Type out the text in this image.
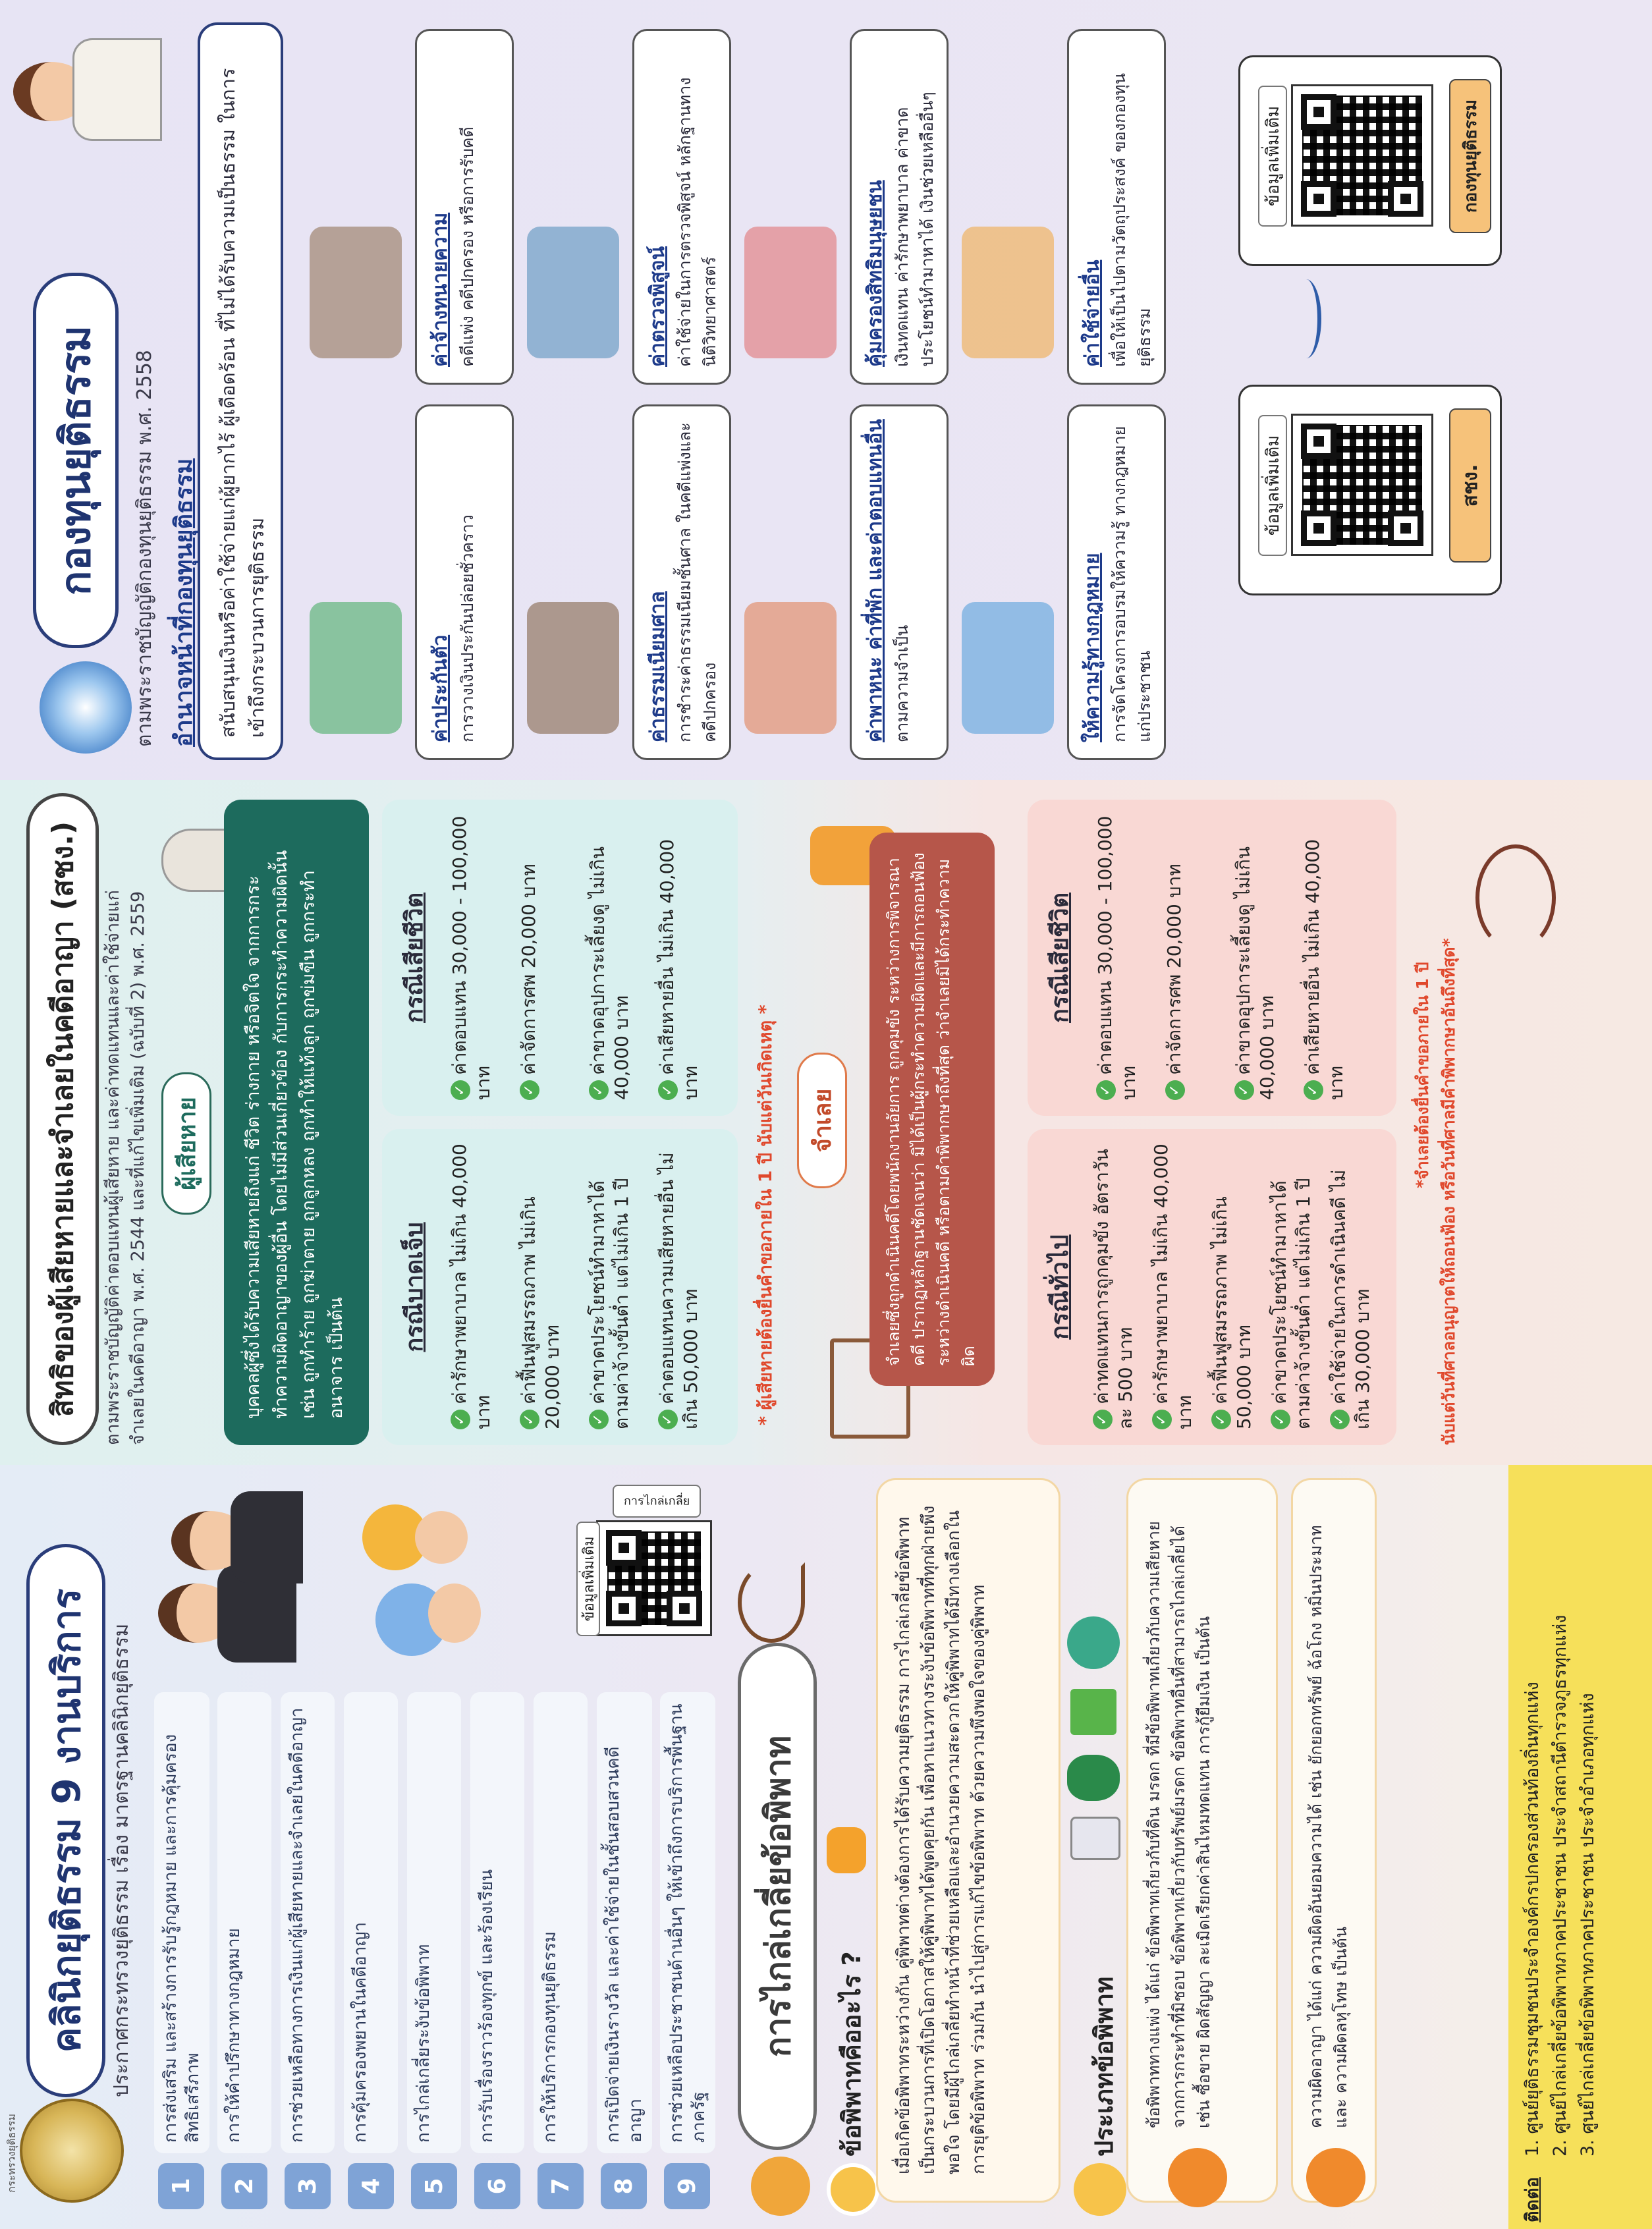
กระทรวงยุติธรรม
คลินิกยุติธรรม 9 งานบริการ	ประกาศกระทรวงยุติธรรม เรื่อง มาตรฐานคลินิกยุติธรรม
ข้อมูลเพิ่มเติม
การไกล่เกลี่ย
การไกล่เกลี่ยข้อพิพาท ข้อพิพาทคืออะไร ?	เมื่อเกิดข้อพิพาทระหว่างกัน คู่พิพาทต่างต้องการได้รับความยุติธรรม การไกล่เกลี่ยข้อพิพาทเป็นกระบวนการที่เปิดโอกาสให้คู่พิพาทได้พูดคุยกัน เพื่อหาแนวทางระงับข้อพิพาทที่ทุกฝ่ายพึงพอใจ โดยมีผู้ไกล่เกลี่ยทำหน้าที่ช่วยเหลือและอำนวยความสะดวกให้คู่พิพาทได้มีทางเลือกในการยุติข้อพิพาท ร่วมกัน นำไปสู่การแก้ไขข้อพิพาท ด้วยความพึงพอใจของคู่พิพาท	ประเภทข้อพิพาท	ข้อพิพาททางแพ่ง ได้แก่ ข้อพิพาทเกี่ยวกับที่ดิน มรดก ที่มีข้อพิพาทเกี่ยวกับความเสียหายจากการกระทำที่มิชอบ ข้อพิพาทเกี่ยวกับทรัพย์มรดก ข้อพิพาทอื่นที่สามารถไกล่เกลี่ยได้ เช่น ซื้อขาย ผิดสัญญา ละเมิดเรียกค่าสินไหมทดแทน การกู้ยืมเงิน เป็นต้น	ความผิดอาญา ได้แก่ ความผิดอันยอมความได้ เช่น ยักยอกทรัพย์ ฉ้อโกง หมิ่นประมาท และ ความผิดลหุโทษ เป็นต้น
ติดต่อ
1. ศูนย์ยุติธรรมชุมชนประจำองค์กรปกครองส่วนท้องถิ่นทุกแห่ง 2. ศูนย์ไกล่เกลี่ยข้อพิพาทภาคประชาชน ประจำสถานีตำรวจภูธรทุกแห่ง 3. ศูนย์ไกล่เกลี่ยข้อพิพาทภาคประชาชน ประจำอำเภอทุกแห่ง
1
การส่งเสริม และสร้างการรับรู้กฎหมาย และการคุ้มครองสิทธิเสรีภาพ
2
การให้คำปรึกษาทางกฎหมาย
3
การช่วยเหลือทางการเงินแก่ผู้เสียหายและจำเลยในคดีอาญา
4
การคุ้มครองพยานในคดีอาญา
5
การไกล่เกลี่ยระงับข้อพิพาท
6
การรับเรื่องราวร้องทุกข์ และร้องเรียน
7
การให้บริการกองทุนยุติธรรม
8
การเปิดจ่ายเงินรางวัล และค่าใช้จ่ายในชั้นสอบสวนคดีอาญา
9
การช่วยเหลือประชาชนด้านอื่นๆ ให้เข้าถึงการบริการพื้นฐานภาครัฐ
สิทธิของผู้เสียหายและจำเลยในคดีอาญา (สชง.)	ตามพระราชบัญญัติค่าตอบแทนผู้เสียหาย และค่าทดแทนและค่าใช้จ่ายแก่ จำเลยในคดีอาญา พ.ศ. 2544 และที่แก้ไขเพิ่มเติม (ฉบับที่ 2) พ.ศ. 2559	ผู้เสียหาย	บุคคลผู้ซึ่งได้รับความเสียหายถึงแก่ ชีวิต ร่างกาย หรือจิตใจ จากการกระทำความผิดอาญาของผู้อื่น โดยไม่มีส่วนเกี่ยวข้อง กับการกระทำความผิดนั้น เช่น ถูกทำร้าย ถูกฆ่าตาย ถูกลูกหลง ถูกทำให้แท้งลูก ถูกข่มขืน ถูกกระทำอนาจาร เป็นต้น
กรณีบาดเจ็บ
✓ค่ารักษาพยาบาล ไม่เกิน 40,000 บาท ✓ค่าฟื้นฟูสมรรถภาพ ไม่เกิน 20,000 บาท ✓ค่าขาดประโยชน์ทำมาหาได้ ตามค่าจ้างขั้นต่ำ แต่ไม่เกิน 1 ปี ✓ค่าตอบแทนความเสียหายอื่น ไม่เกิน 50,000 บาท
กรณีเสียชีวิต
✓ค่าตอบแทน 30,000 - 100,000 บาท ✓ค่าจัดการศพ 20,000 บาท
✓ค่าขาดอุปการะเลี้ยงดู ไม่เกิน 40,000 บาท ✓ค่าเสียหายอื่น ไม่เกิน 40,000 บาท	* ผู้เสียหายต้องยื่นคำขอภายใน 1 ปี นับแต่วันเกิดเหตุ *	จำเลย	จำเลยซึ่งถูกดำเนินคดีโดยพนักงานอัยการ ถูกคุมขัง ระหว่างการพิจารณาคดี ปรากฏหลักฐานชัดเจนว่า มิได้เป็นผู้กระทำความผิดและมีการถอนฟ้องระหว่างดำเนินคดี หรือตามคำพิพากษาถึงที่สุด ว่าจำเลยมิได้กระทำความผิด
กรณีทั่วไป
✓ค่าทดแทนการถูกคุมขัง อัตราวันละ 500 บาท ✓ค่ารักษาพยาบาล ไม่เกิน 40,000 บาท ✓ค่าฟื้นฟูสมรรถภาพ ไม่เกิน 50,000 บาท ✓ค่าขาดประโยชน์ทำมาหาได้ ตามค่าจ้างขั้นต่ำ แต่ไม่เกิน 1 ปี ✓ค่าใช้จ่ายในการดำเนินคดี ไม่เกิน 30,000 บาท
กรณีเสียชีวิต
✓ค่าตอบแทน 30,000 - 100,000 บาท ✓ค่าจัดการศพ 20,000 บาท
✓ค่าขาดอุปการะเลี้ยงดู ไม่เกิน 40,000 บาท ✓ค่าเสียหายอื่น ไม่เกิน 40,000 บาท	*จำเลยต้องยื่นคำขอภายใน 1 ปี นับแต่วันที่ศาลอนุญาตให้ถอนฟ้อง หรือวันที่ศาลมีคำพิพากษาอันถึงที่สุด*
กองทุนยุติธรรม	ตามพระราชบัญญัติกองทุนยุติธรรม พ.ศ. 2558 อำนาจหน้าที่กองทุนยุติธรรม สนับสนุนเงินหรือค่าใช้จ่ายแก่ผู้ยากไร้ ผู้เดือดร้อน ที่ไม่ได้รับความเป็นธรรม ในการเข้าถึงกระบวนการยุติธรรม
ข้อมูลเพิ่มเติม	สชง.
ข้อมูลเพิ่มเติม	กองทุนยุติธรรม
ค่าประกันตัว การวางเงินประกันปล่อยชั่วคราว
ค่าจ้างทนายความ คดีแพ่ง คดีปกครอง หรือการรับคดี
ค่าธรรมเนียมศาล การชำระค่าธรรมเนียมชั้นศาล ในคดีแพ่งและคดีปกครอง
ค่าตรวจพิสูจน์ ค่าใช้จ่ายในการตรวจพิสูจน์ หลักฐานทางนิติวิทยาศาสตร์
ค่าพาหนะ ค่าที่พัก และค่าตอบแทนอื่น ตามความจำเป็น
คุ้มครองสิทธิมนุษยชน เงินทดแทน ค่ารักษาพยาบาล ค่าขาดประโยชน์ทำมาหาได้ เงินช่วยเหลืออื่นๆ
ให้ความรู้ทางกฎหมาย การจัดโครงการอบรมให้ความรู้ ทางกฎหมายแก่ประชาชน
ค่าใช้จ่ายอื่น เพื่อให้เป็นไปตามวัตถุประสงค์ ของกองทุนยุติธรรม
